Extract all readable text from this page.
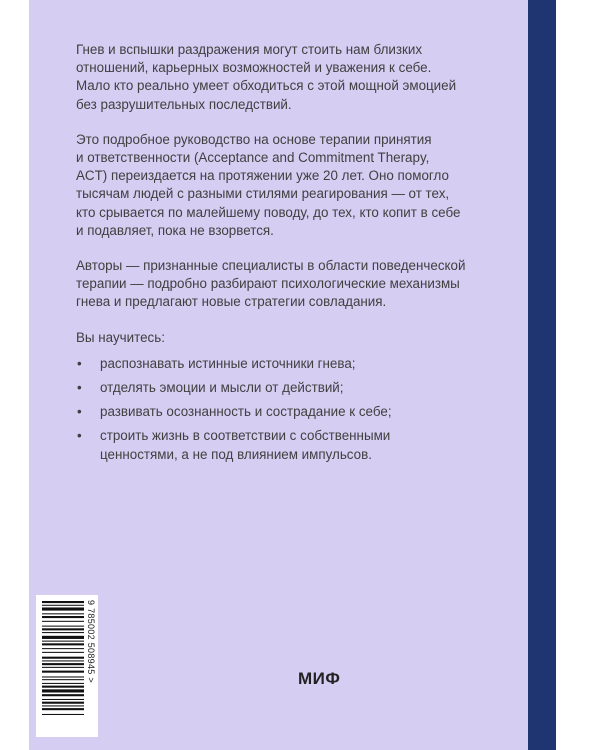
Гнев и вспышки раздражения могут стоить нам близких
отношений, карьерных возможностей и уважения к себе.
Мало кто реально умеет обходиться с этой мощной эмоцией
без разрушительных последствий.

Это подробное руководство на основе терапии принятия
и ответственности (Acceptance and Commitment Therapy,
ACT) переиздается на протяжении уже 20 лет. Оно помогло
тысячам людей с разными стилями реагирования — от тех,
кто срывается по малейшему поводу, до тех, кто копит в себе
и подавляет, пока не взорвется.

Авторы — признанные специалисты в области поведенческой
терапии — подробно разбирают психологические механизмы
гнева и предлагают новые стратегии совладания.

Вы научитесь:

• распознавать истинные источники гнева;
• отделять эмоции и мысли от действий;
• развивать осознанность и сострадание к себе;
• строить жизнь в соответствии с собственными
ценностями, а не под влиянием импульсов.
9 785002 508945 >	МИФ
